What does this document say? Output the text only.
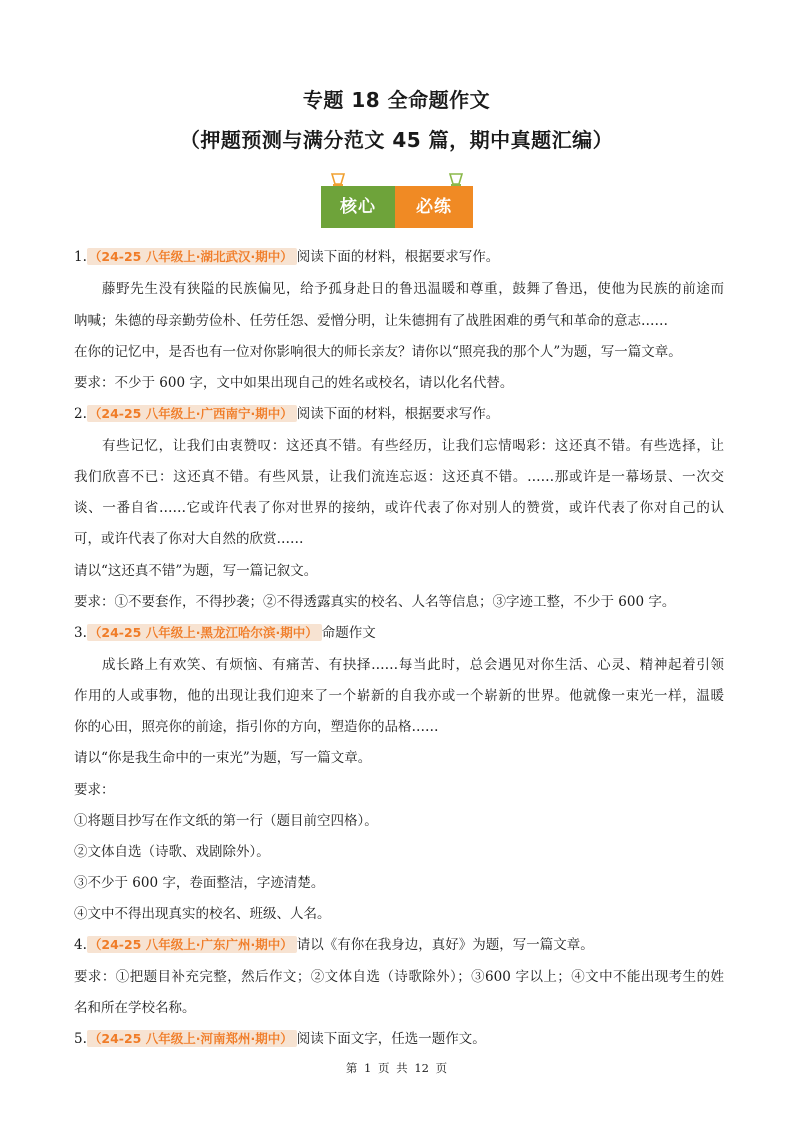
专题 18 全命题作文
（押题预测与满分范文 45 篇，期中真题汇编）
核心	必练
1. （24-25 八年级上·湖北武汉·期中） 阅读下面的材料，根据要求写作。
藤野先生没有狭隘的民族偏见，给予孤身赴日的鲁迅温暖和尊重，鼓舞了鲁迅，使他为民族的前途而
呐喊；朱德的母亲勤劳俭朴、任劳任怨、爱憎分明，让朱德拥有了战胜困难的勇气和革命的意志……
在你的记忆中，是否也有一位对你影响很大的师长亲友？请你以“照亮我的那个人”为题，写一篇文章。
要求：不少于 600 字，文中如果出现自己的姓名或校名，请以化名代替。
2. （24-25 八年级上·广西南宁·期中） 阅读下面的材料，根据要求写作。
有些记忆，让我们由衷赞叹：这还真不错。有些经历，让我们忘情喝彩：这还真不错。有些选择，让
我们欣喜不已：这还真不错。有些风景，让我们流连忘返：这还真不错。……那或许是一幕场景、一次交
谈、一番自省……它或许代表了你对世界的接纳，或许代表了你对别人的赞赏，或许代表了你对自己的认
可，或许代表了你对大自然的欣赏……
请以“这还真不错”为题，写一篇记叙文。
要求：①不要套作，不得抄袭；②不得透露真实的校名、人名等信息；③字迹工整，不少于 600 字。
3. （24-25 八年级上·黑龙江哈尔滨·期中） 命题作文
成长路上有欢笑、有烦恼、有痛苦、有抉择……每当此时，总会遇见对你生活、心灵、精神起着引领
作用的人或事物，他的出现让我们迎来了一个崭新的自我亦或一个崭新的世界。他就像一束光一样，温暖
你的心田，照亮你的前途，指引你的方向，塑造你的品格……
请以“你是我生命中的一束光”为题，写一篇文章。
要求：
①将题目抄写在作文纸的第一行（题目前空四格）。
②文体自选（诗歌、戏剧除外）。
③不少于 600 字，卷面整洁，字迹清楚。
④文中不得出现真实的校名、班级、人名。
4. （24-25 八年级上·广东广州·期中） 请以《有你在我身边，真好》为题，写一篇文章。
要求：①把题目补充完整，然后作文；②文体自选（诗歌除外）；③600 字以上；④文中不能出现考生的姓
名和所在学校名称。
5. （24-25 八年级上·河南郑州·期中） 阅读下面文字，任选一题作文。
第 1 页 共 12 页
